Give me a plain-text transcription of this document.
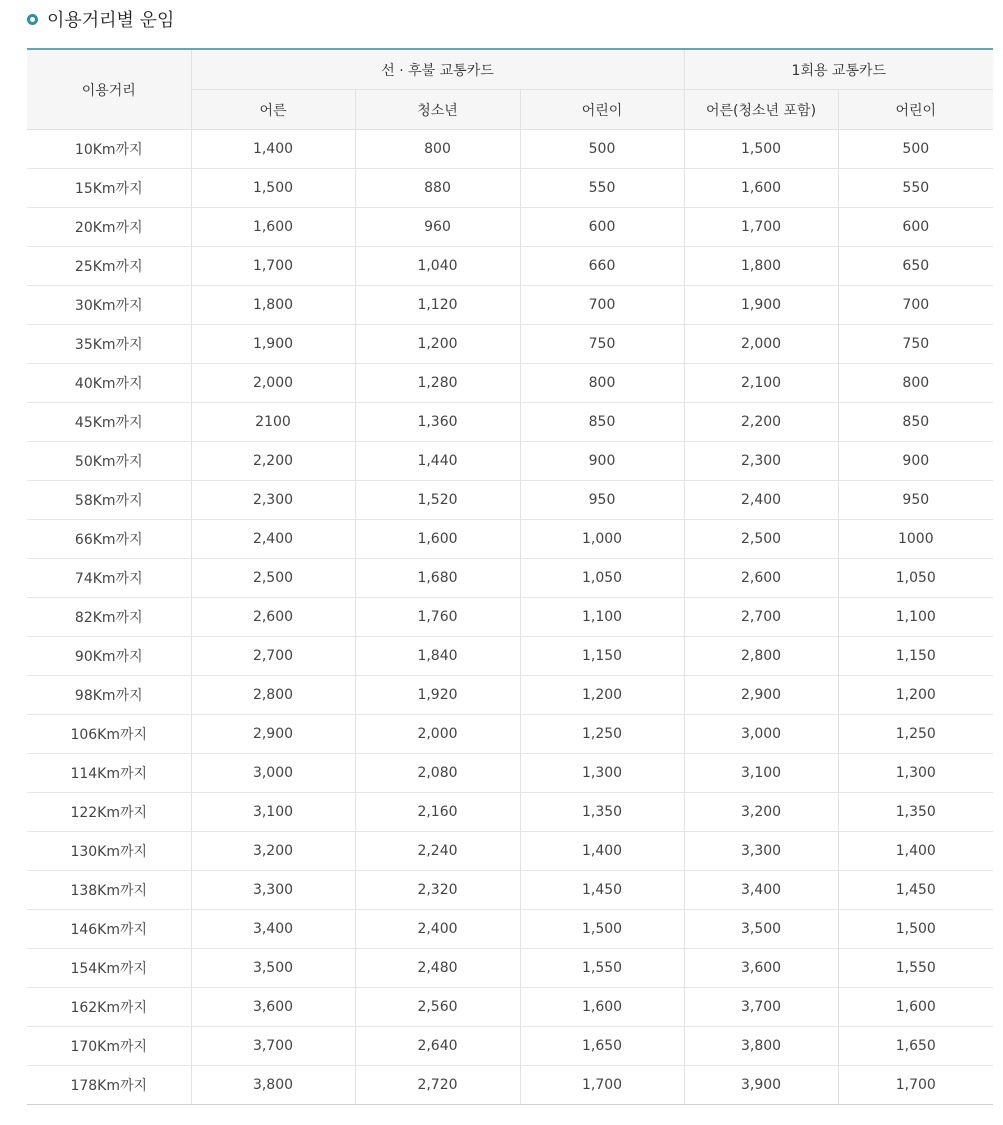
이용거리별 운임
이용거리	선 · 후불 교통카드			1회용 교통카드	
	어른	청소년	어린이	어른(청소년 포함)	어린이
10Km까지	1,400	800	500	1,500	500
15Km까지	1,500	880	550	1,600	550
20Km까지	1,600	960	600	1,700	600
25Km까지	1,700	1,040	660	1,800	650
30Km까지	1,800	1,120	700	1,900	700
35Km까지	1,900	1,200	750	2,000	750
40Km까지	2,000	1,280	800	2,100	800
45Km까지	2100	1,360	850	2,200	850
50Km까지	2,200	1,440	900	2,300	900
58Km까지	2,300	1,520	950	2,400	950
66Km까지	2,400	1,600	1,000	2,500	1000
74Km까지	2,500	1,680	1,050	2,600	1,050
82Km까지	2,600	1,760	1,100	2,700	1,100
90Km까지	2,700	1,840	1,150	2,800	1,150
98Km까지	2,800	1,920	1,200	2,900	1,200
106Km까지	2,900	2,000	1,250	3,000	1,250
114Km까지	3,000	2,080	1,300	3,100	1,300
122Km까지	3,100	2,160	1,350	3,200	1,350
130Km까지	3,200	2,240	1,400	3,300	1,400
138Km까지	3,300	2,320	1,450	3,400	1,450
146Km까지	3,400	2,400	1,500	3,500	1,500
154Km까지	3,500	2,480	1,550	3,600	1,550
162Km까지	3,600	2,560	1,600	3,700	1,600
170Km까지	3,700	2,640	1,650	3,800	1,650
178Km까지	3,800	2,720	1,700	3,900	1,700
